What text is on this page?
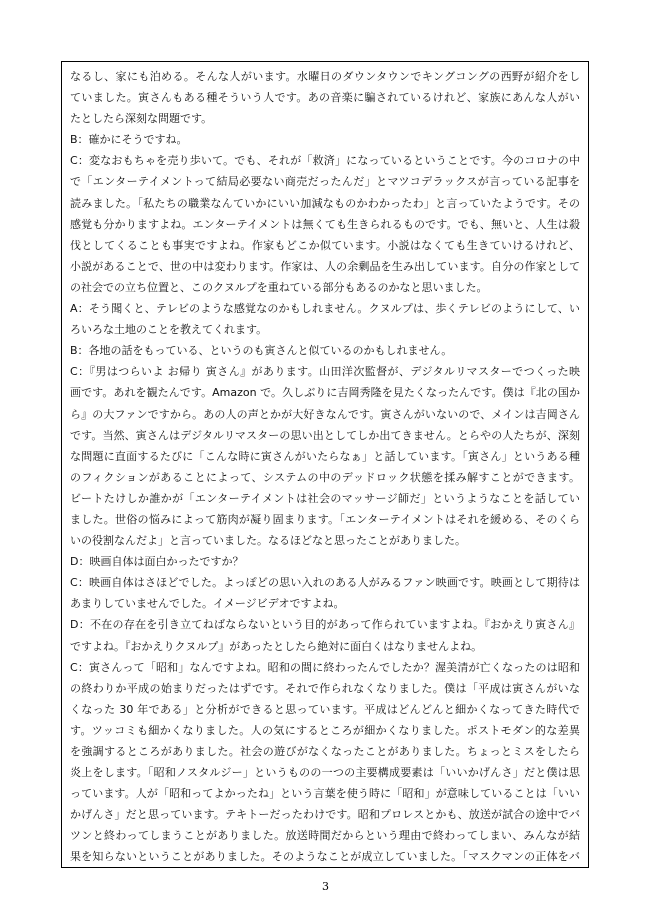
なるし、家にも泊める。そんな人がいます。水曜日のダウンタウンでキングコングの西野が紹介をし
ていました。寅さんもある種そういう人です。あの音楽に騙されているけれど、家族にあんな人がい
たとしたら深刻な問題です。
B：確かにそうですね。
C：変なおもちゃを売り歩いて。でも、それが「救済」になっているということです。今のコロナの中
で「エンターテイメントって結局必要ない商売だったんだ」とマツコデラックスが言っている記事を
読みました。「私たちの職業なんていかにいい加減なものかわかったわ」と言っていたようです。その
感覚も分かりますよね。エンターテイメントは無くても生きられるものです。でも、無いと、人生は殺
伐としてくることも事実ですよね。作家もどこか似ています。小説はなくても生きていけるけれど、
小説があることで、世の中は変わります。作家は、人の余剰品を生み出しています。自分の作家として
の社会での立ち位置と、このクヌルプを重ねている部分もあるのかなと思いました。
A：そう聞くと、テレビのような感覚なのかもしれません。クヌルプは、歩くテレビのようにして、い
ろいろな土地のことを教えてくれます。
B：各地の話をもっている、というのも寅さんと似ているのかもしれません。
C：『男はつらいよ お帰り 寅さん』があります。山田洋次監督が、デジタルリマスターでつくった映
画です。あれを観たんです。Amazon で。久しぶりに吉岡秀隆を見たくなったんです。僕は『北の国か
ら』の大ファンですから。あの人の声とかが大好きなんです。寅さんがいないので、メインは吉岡さん
です。当然、寅さんはデジタルリマスターの思い出としてしか出てきません。とらやの人たちが、深刻
な問題に直面するたびに「こんな時に寅さんがいたらなぁ」と話しています。「寅さん」というある種
のフィクションがあることによって、システムの中のデッドロック状態を揉み解すことができます。
ビートたけしか誰かが「エンターテイメントは社会のマッサージ師だ」というようなことを話してい
ました。世俗の悩みによって筋肉が凝り固まります。「エンターテイメントはそれを緩める、そのくら
いの役割なんだよ」と言っていました。なるほどなと思ったことがありました。
D：映画自体は面白かったですか？
C：映画自体はさほどでした。よっぽどの思い入れのある人がみるファン映画です。映画として期待は
あまりしていませんでした。イメージビデオですよね。
D：不在の存在を引き立てねばならないという目的があって作られていますよね。『おかえり寅さん』
ですよね。『おかえりクヌルプ』があったとしたら絶対に面白くはなりませんよね。
C：寅さんって「昭和」なんですよね。昭和の間に終わったんでしたか？渥美清が亡くなったのは昭和
の終わりか平成の始まりだったはずです。それで作られなくなりました。僕は「平成は寅さんがいな
くなった 30 年である」と分析ができると思っています。平成はどんどんと細かくなってきた時代で
す。ツッコミも細かくなりました。人の気にするところが細かくなりました。ポストモダン的な差異
を強調するところがありました。社会の遊びがなくなったことがありました。ちょっとミスをしたら
炎上をします。「昭和ノスタルジー」というものの一つの主要構成要素は「いいかげんさ」だと僕は思
っています。人が「昭和ってよかったね」という言葉を使う時に「昭和」が意味していることは「いい
かげんさ」だと思っています。テキトーだったわけです。昭和プロレスとかも、放送が試合の途中でバ
ツンと終わってしまうことがありました。放送時間だからという理由で終わってしまい、みんなが結
果を知らないということがありました。そのようなことが成立していました。「マスクマンの正体をバ
3
